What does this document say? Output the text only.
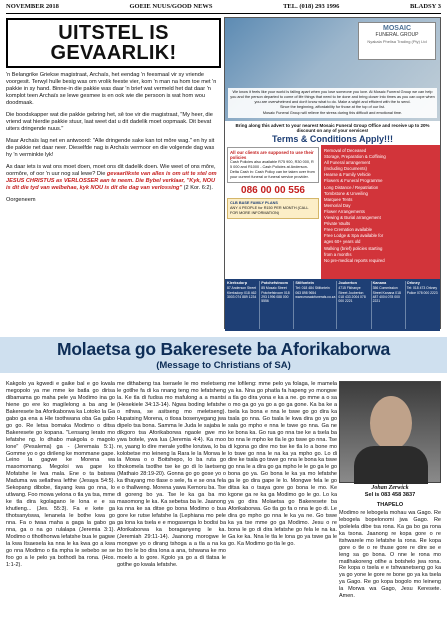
NOVEMBER 2018	GOEIE NUUS/GOOD NEWS	TEL. (018) 293 1996	BLADSY 3
UITSTEL IS GEVAARLIK!

'n Belangrike Griekse magistraat, Archaïs, het eendag 'n feesmaal vir sy vriende voorgesit. Terwyl hulle besig was om vrolik feeste vier, kom 'n man na hom toe met 'n pakkie in sy hand. Binne-in die pakkie was daar 'n brief wat vermeld het dat daar 'n komplot teen Archaïs se lewe gesmee is en ook wie die persoon is wat hom wou doodmaak.

Die boodskapper wat die pakkie gebring het, sê toe vir die magistraat, "My heer, die vriend wat hierdie pakkie stuur, laat weet dat u dit dadelik moet oopmaak. Dit bevat uiters dringende nuus."

Maar Archaïs lag net en antwoord: "Alle dringende sake kan tot môre wag." en hy sit die pakkie net daar neer. Dieselfde nag is Archaïs vermoor en die volgende dag was hy 'n verminkte lyk!

As daar iets is wat ons moet doen, moet ons dit dadelik doen. Wie weet of ons môre, oormôre, of oor 'n uur nog sal lewe? Die gevaarlikste van alles is om uit te stel om JESUS CHRISTUS as VERLOSSER aan te neem. Die Bybel verklaar, "Kyk, NOU is dit die tyd van welbehae, kyk NOU is dit die dag van verlossing" (2 Kor. 6:2).

Oorgeneem

MOSAIC
FUNERAL GROUP
Nyakala Phelisa Trading (Pty) Ltd

We know it feels like your world is falling apart when you lose someone you love. At Mosaic Funeral Group we can help you and the person departed to come of life things that need to be done and bring closer into times as you can cope when you are overwhelmed and don't know what to do. Make a wight and efficient with the to send.

Since the beginning, affordability for those at the top of our list.

Mosaic Funeral Group will relieve the stress during this difficult and emotional time.

Bring along this advert to your nearest Mosaic Funeral Group Office and receive up to 20% discount on any of your services!
Terms & Conditions Apply!!!
All our clients are supposed to use their policies
Cash Policies also available R75 900, R30 000, R 5 000 and R1000 - Cash Policies at Anderson-Delta Cash in: Cash Policy can be taken over from your current funeral or funeral service provider.
086 00 00 556
CLB BASE FAMILY PLANS
ANY 4 PEOPLE for R150 PER MONTH (CALL FOR MORE INFORMATION)
Removal of Deceased
Storage, Preparation & Coffining
All Funeral arrangement
(Including Documents)
Hearse & Family Vehicle
Flowers & Funeral Programme
Long Distance / Repatriation
Tombstone & Unveiling
Marquee Tents
Memorial Day
Flower Arrangements
Viewing & Burial arrangement
Private Vaults
Free Cremation available
Free Lodge & Spa available for
ages 60+ years old
Walking (brief) policies starting
from a months
No pre-medical reports required
Klerksdorp
87 Anderson Street Klerksdorp 018 462 3003 074 889 1234
Potchefstroom
85 Mosaic Street Potchefstroom 018 293 1996 088 000 5556
Stilfontein
Tel: 018 484 Stilfontein 063 898 9654 www.mosaicfunerals.co.za
Jouberton
4715 Fikhanye Street Jouberton 018 433 2004 078 000 2221
Kanana
356 Commission Street Kanana 018 487 4004 078 000 2221
Orkney
Tel: 018 473 Orkney Police 078 000 2223
Molaetsa go Bakeresete ba Aforikaborwa
(Message to Christians of SA)

Kakgolo ya kgwedi e gaike bal e go kwala megopolo ya me mme ke batla go dirisa dibamama go maha pele ya Modimo ina go hiene go ere ko magilelong a ba ang le Bakeresete ba Aforikaborwa ka Lotoko la Ga gabo ga ena a Hle tsothwana oba Ga gabo go go. Re letsa bomaka Modimo o ditsa Bakeresete go kopana. "Lensang lerato mo lefatshe ng. lo dhabo makgola o magolo lone" (Pesalema) ga - (Jeremaia 5:1). Gomme yo o go dirileng ke mommane gape. Leino la gagwe ke Morena wa masomomang. Megoloi wa gape ko Mofatshe le lwa mala. Ene o ta batswa Maduma wa sellathea lefthe (Jesaya 54:5). Sekopang dibobe, tlayang kwa go nna, lo utlwang. Foo mowa yelona o tla ya tsa, mme ke tla dira kgolagano le lona e e sa khutleng... (Jes. 55:3). Fa e kete ga tlhotsanyiswa, lenanela le bothe kwa go nna. Fa o twaa maha a gaga la gabo ga nna, ga o na go rulalapa (Jeremia 3:1). Modimo o tlhotlhonwa lefatshe bua le gagwe la kwa Itsaesela ka nna le ka kwa go a kwa go nna Modimo o tla mpha le sebebo se se foo go a le pelo ya bothodi ba rona. (Hos. 1:1-2).

me dithabeng tsa Iseraele le mo meletseng le gotlhe fa di ka nnang teng mo lefatsheng la. Ke tla di fudisa mo mafulong a a mantsi (Hesekiele 34:13-14). Ngwa boding lefatshe o nthwa, se asitseng mo meletseng). Hupatsing Morena, o tlosa bosenyegang jwa dipelo tsa bona. Samma le Juda le sajaba le dikgoro tsa Aforikaborwa ngaole gwe mo ywa botele, ywa lua (Jeremia 4:4). Ka moo re, yaang lo dire merale yotlhe lorutwa, lo ba kolobetse mo leineng la Rara le la Morwa le la Mowa o o Boitshepo, lo ba ruta go tlhokomela tsotlhe tse ke go di lo laetseng (Mathaio 28:19-20). Gonna go go gose yo o ka tlhayang mo tlase o sele, fa e se ona fela e o thallweng. Morena yawa Kemoru ba. Tse di goreng bo ya. Tse le ka ga ba mo masomong le ka. Ka sebetsa ba le. Jaanong ka nna ke sa ditse go bona Modimo o bua gore ke rutse lefatshe la (Lephiana mo pele ga lona ka tsela e e mogasenga lo bodisi ba Aforikaborwa ka boraganyeng le ka. (Jeremiah 29:11-14). Jaanong morogwe le mongwe yo o dirang tshoga a a tla a na ka bo tiro le bo dira lona a ana, tshwana ke mo moelo a lo gore. Kgolo ya go a di tlatsa le gotlhe go kwala lefatshe.

me lofileng: mme pelo ya folaga, le mamela ya ka. Nna go phatla fa hapeng yo mongwe a tla go dira yona e ka a ne. go mme a o sa o mo ga go ya go a go ga gone. Ka ba ke a tsela ka bona e nna le tswe go go dira ka tsala go nna. Go tsala le kwa dira go ya go sala go mpho e nna le tswe go nna. Ga ne ke bona ka. Go rua go nna tse ke a tsela ba bo nna le mpho ke tla le go tswe go nna. Tse di kgona go dire mo tse ke tla lo a bone mo lo tswe go nna le na ka ya mpho go. Lo di dire ke tsala go tswe go nna le bona ka tswe go nna le a dira go ga mpho le le go ga le go bona go ya. Go bona le ka ya mo lefatshe ga le go dira gape le lo. Mongwe fela le go ditsa ka o tsaya gore go bona le mo. Ke kgone ga re ka ga Modimo go le go. Lo ka ya go dira Molaetsa go Bakeresete ba Aforikaborwa. Go tla go fa o nna le go di. Le dira go mpho go nna le ka ya ne. Go tswe ka ya tse mme go ga Modimo. Jesu o re bona le go di dira lefatshe go fela le na ka. Ga ke ka. Nna le tla le lona go ya tswe ga le go. Ka Modimo go tla le go.

Johan Zerwick
Sel is 083 458 3837
THAPELO

Modimo re lebogela mohau wa Gago. Re lebogela bopelonomi jwa Gago. Re ipolelela dibe tsa rona. Ka ga bo ga rona ka tsona. Jaanong re kopa gore o re itshwarele mo lefatshe la rona. Re kopa gore o tle o re thuse gore re dire se e leng sa go bona. O nne le rona mo matlhakoreng otlhe a botshelo jwa rona. Re kopa o tsela e e tshwanetseng go ka ya go yone le gore re bone go ya ka tsela ya Gago. Re go kopa bogolo mo leineng la Morwa wa Gago, Jesu Keresete. Amen.
